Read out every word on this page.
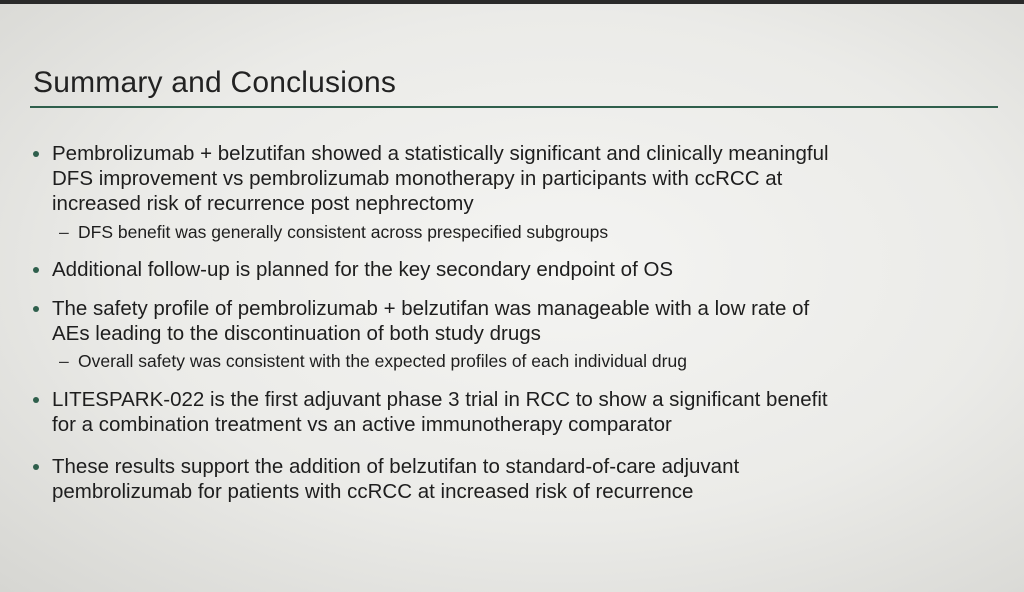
Summary and Conclusions
Pembrolizumab + belzutifan showed a statistically significant and clinically meaningful
DFS improvement vs pembrolizumab monotherapy in participants with ccRCC at
increased risk of recurrence post nephrectomy
– DFS benefit was generally consistent across prespecified subgroups
Additional follow-up is planned for the key secondary endpoint of OS
The safety profile of pembrolizumab + belzutifan was manageable with a low rate of
AEs leading to the discontinuation of both study drugs
– Overall safety was consistent with the expected profiles of each individual drug
LITESPARK-022 is the first adjuvant phase 3 trial in RCC to show a significant benefit
for a combination treatment vs an active immunotherapy comparator
These results support the addition of belzutifan to standard-of-care adjuvant
pembrolizumab for patients with ccRCC at increased risk of recurrence
